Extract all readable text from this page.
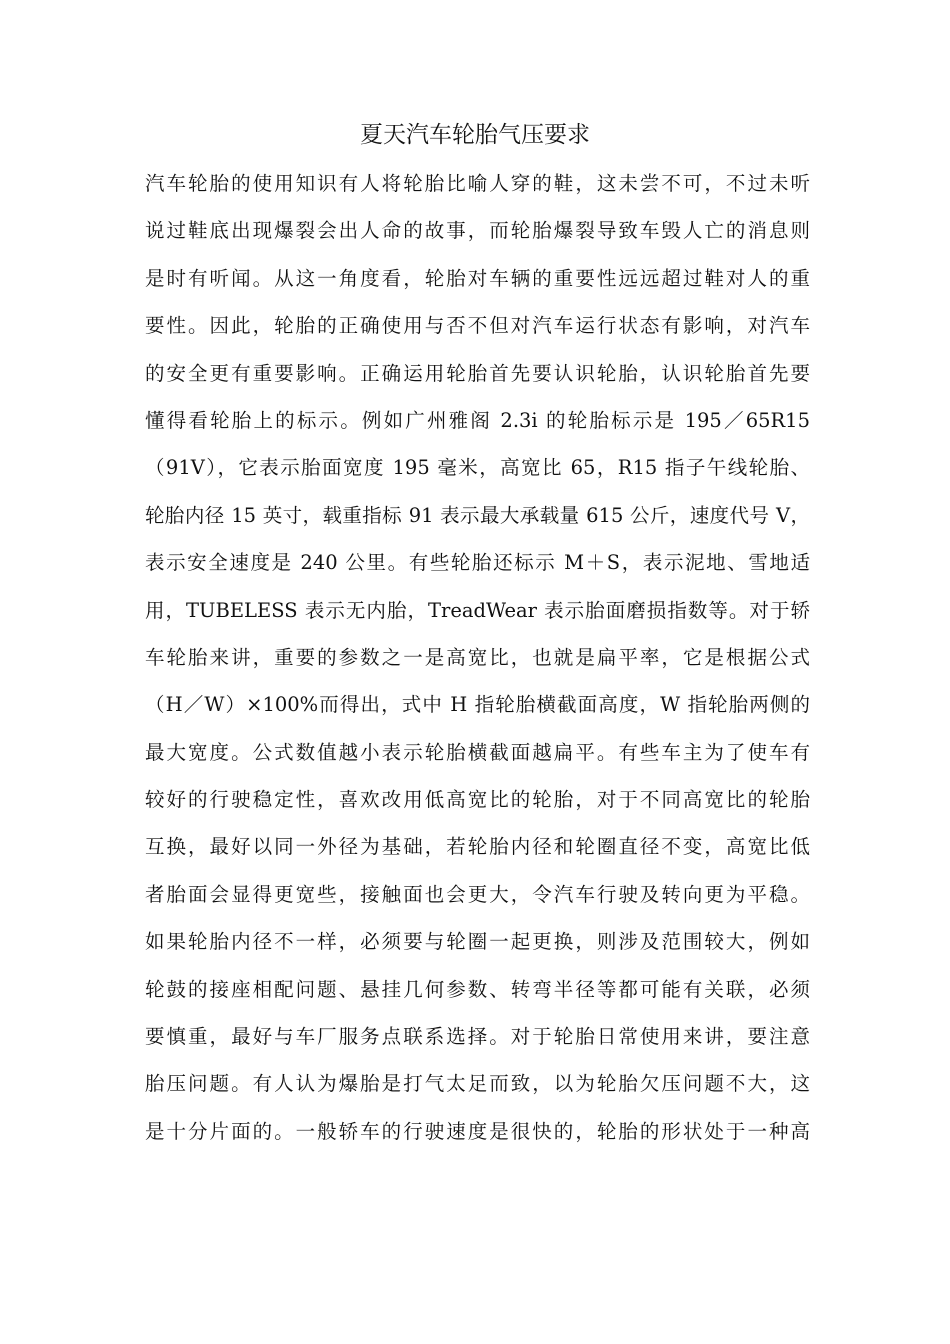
夏天汽车轮胎气压要求
汽车轮胎的使用知识有人将轮胎比喻人穿的鞋，这未尝不可，不过未听
说过鞋底出现爆裂会出人命的故事，而轮胎爆裂导致车毁人亡的消息则
是时有听闻。从这一角度看，轮胎对车辆的重要性远远超过鞋对人的重
要性。因此，轮胎的正确使用与否不但对汽车运行状态有影响，对汽车
的安全更有重要影响。正确运用轮胎首先要认识轮胎，认识轮胎首先要
懂得看轮胎上的标示。例如广州雅阁 2.3i 的轮胎标示是 195／65R15
（91V），它表示胎面宽度 195 毫米，高宽比 65，R15 指子午线轮胎、
轮胎内径 15 英寸，载重指标 91 表示最大承载量 615 公斤，速度代号 V，
表示安全速度是 240 公里。有些轮胎还标示 M＋S，表示泥地、雪地适
用，TUBELESS 表示无内胎，TreadWear 表示胎面磨损指数等。对于轿
车轮胎来讲，重要的参数之一是高宽比，也就是扁平率，它是根据公式
（H／W）×100%而得出，式中 H 指轮胎横截面高度，W 指轮胎两侧的
最大宽度。公式数值越小表示轮胎横截面越扁平。有些车主为了使车有
较好的行驶稳定性，喜欢改用低高宽比的轮胎，对于不同高宽比的轮胎
互换，最好以同一外径为基础，若轮胎内径和轮圈直径不变，高宽比低
者胎面会显得更宽些，接触面也会更大，令汽车行驶及转向更为平稳。
如果轮胎内径不一样，必须要与轮圈一起更换，则涉及范围较大，例如
轮鼓的接座相配问题、悬挂几何参数、转弯半径等都可能有关联，必须
要慎重，最好与车厂服务点联系选择。对于轮胎日常使用来讲，要注意
胎压问题。有人认为爆胎是打气太足而致，以为轮胎欠压问题不大，这
是十分片面的。一般轿车的行驶速度是很快的，轮胎的形状处于一种高
